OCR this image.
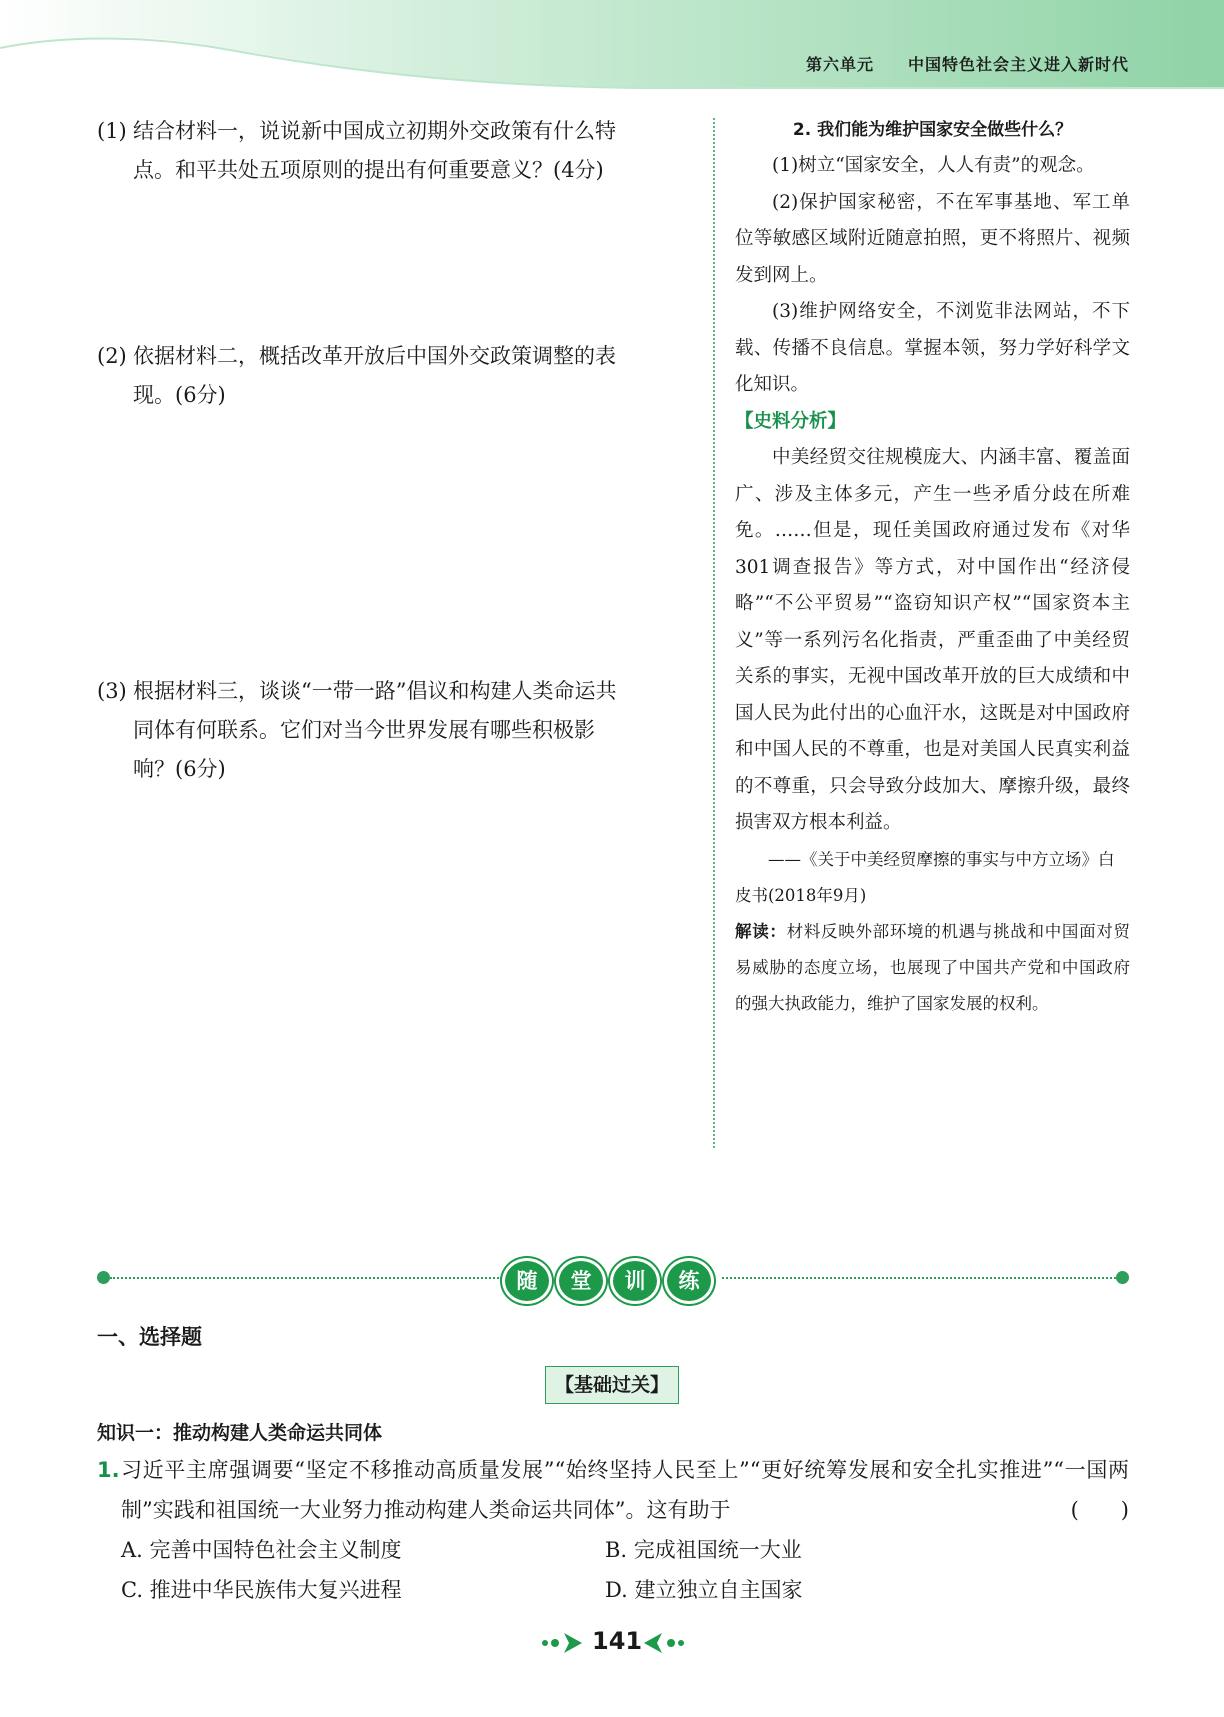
第六单元　　 中国特色社会主义进入新时代
(1) 结合材料一，说说新中国成立初期外交政策有什么特
点。和平共处五项原则的提出有何重要意义？(4分)
(2) 依据材料二，概括改革开放后中国外交政策调整的表
现。(6分)
(3) 根据材料三，谈谈“一带一路”倡议和构建人类命运共
同体有何联系。它们对当今世界发展有哪些积极影
响？(6分)
2. 我们能为维护国家安全做些什么？
(1)树立“国家安全，人人有责”的观念。
(2)保护国家秘密，不在军事基地、军工单位等敏感区域附近随意拍照，更不将照片、视频发到网上。
(3)维护网络安全，不浏览非法网站，不下载、传播不良信息。掌握本领，努力学好科学文化知识。
【史料分析】
中美经贸交往规模庞大、内涵丰富、覆盖面广、涉及主体多元，产生一些矛盾分歧在所难免。……但是，现任美国政府通过发布《对华301调查报告》等方式，对中国作出“经济侵略”“不公平贸易”“盗窃知识产权”“国家资本主义”等一系列污名化指责，严重歪曲了中美经贸关系的事实，无视中国改革开放的巨大成绩和中国人民为此付出的心血汗水，这既是对中国政府和中国人民的不尊重，也是对美国人民真实利益的不尊重，只会导致分歧加大、摩擦升级，最终损害双方根本利益。
——《关于中美经贸摩擦的事实与中方立场》白皮书(2018年9月)
解读：材料反映外部环境的机遇与挑战和中国面对贸易威胁的态度立场，也展现了中国共产党和中国政府的强大执政能力，维护了国家发展的权利。
随	堂	训	练
一、选择题
【基础过关】
知识一：推动构建人类命运共同体
1. 习近平主席强调要“坚定不移推动高质量发展”“始终坚持人民至上”“更好统筹发展和安全扎实推进”“一国两制”实践和祖国统一大业努力推动构建人类命运共同体”。这有助于	(　　)
A. 完善中国特色社会主义制度	B. 完成祖国统一大业
C. 推进中华民族伟大复兴进程	D. 建立独立自主国家
141
